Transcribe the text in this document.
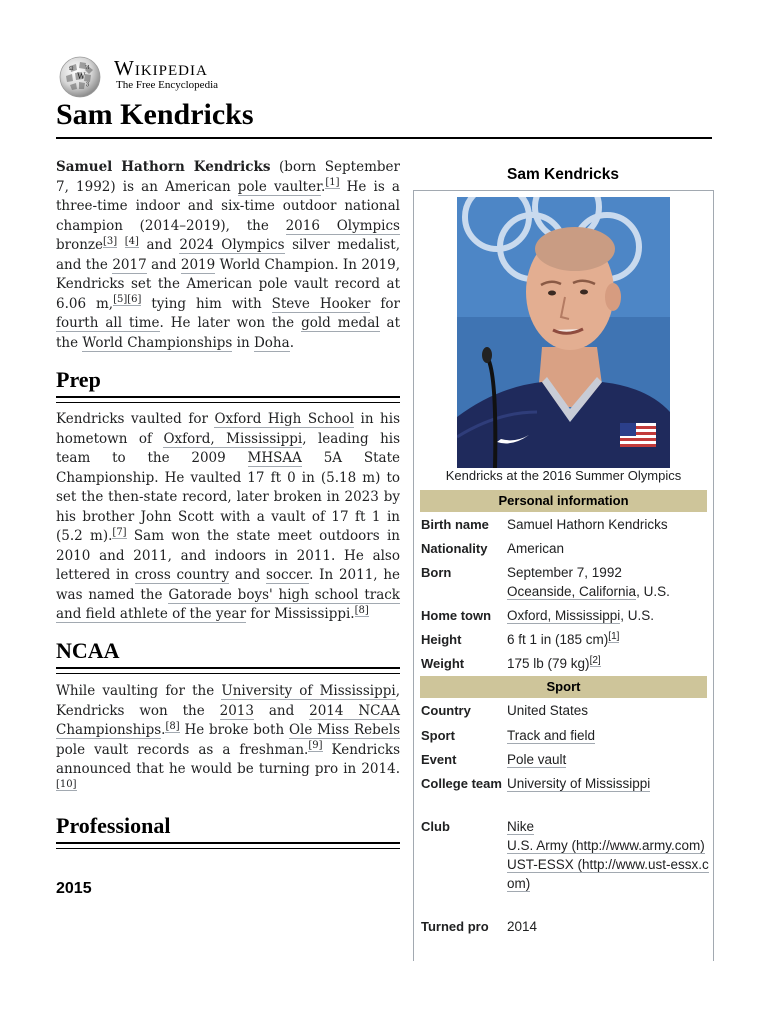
W
Ω И
ვ
Wikipedia
The Free Encyclopedia
Sam Kendricks
Samuel Hathorn Kendricks (born September 7, 1992) is an American pole vaulter.[1] He is a three-time indoor and six-time outdoor national champion (2014–2019), the 2016 Olympics bronze[3] [4] and 2024 Olympics silver medalist, and the 2017 and 2019 World Champion. In 2019, Kendricks set the American pole vault record at 6.06 m,[5][6] tying him with Steve Hooker for fourth all time. He later won the gold medal at the World Championships in Doha.
Prep
Kendricks vaulted for Oxford High School in his hometown of Oxford, Mississippi, leading his team to the 2009 MHSAA 5A State Championship. He vaulted 17 ft 0 in (5.18 m) to set the then-state record, later broken in 2023 by his brother John Scott with a vault of 17 ft 1 in (5.2 m).[7] Sam won the state meet outdoors in 2010 and 2011, and indoors in 2011. He also lettered in cross country and soccer. In 2011, he was named the Gatorade boys' high school track and field athlete of the year for Mississippi.[8]
NCAA
While vaulting for the University of Mississippi, Kendricks won the 2013 and 2014 NCAA Championships.[8] He broke both Ole Miss Rebels pole vault records as a freshman.[9] Kendricks announced that he would be turning pro in 2014.[10]
Professional
2015
Sam Kendricks
Kendricks at the 2016 Summer Olympics
Personal information
Birth name	Samuel Hathorn Kendricks
Nationality	American
Born	September 7, 1992
Oceanside, California, U.S.
Home town	Oxford, Mississippi, U.S.
Height	6 ft 1 in (185 cm)[1]
Weight	175 lb (79 kg)[2]
Sport
Country	United States
Sport	Track and field
Event	Pole vault
College team University of Mississippi
Club	Nike
U.S. Army (http://www.army.com)
UST-ESSX (http://www.ust-essx.com)
Turned pro	2014
